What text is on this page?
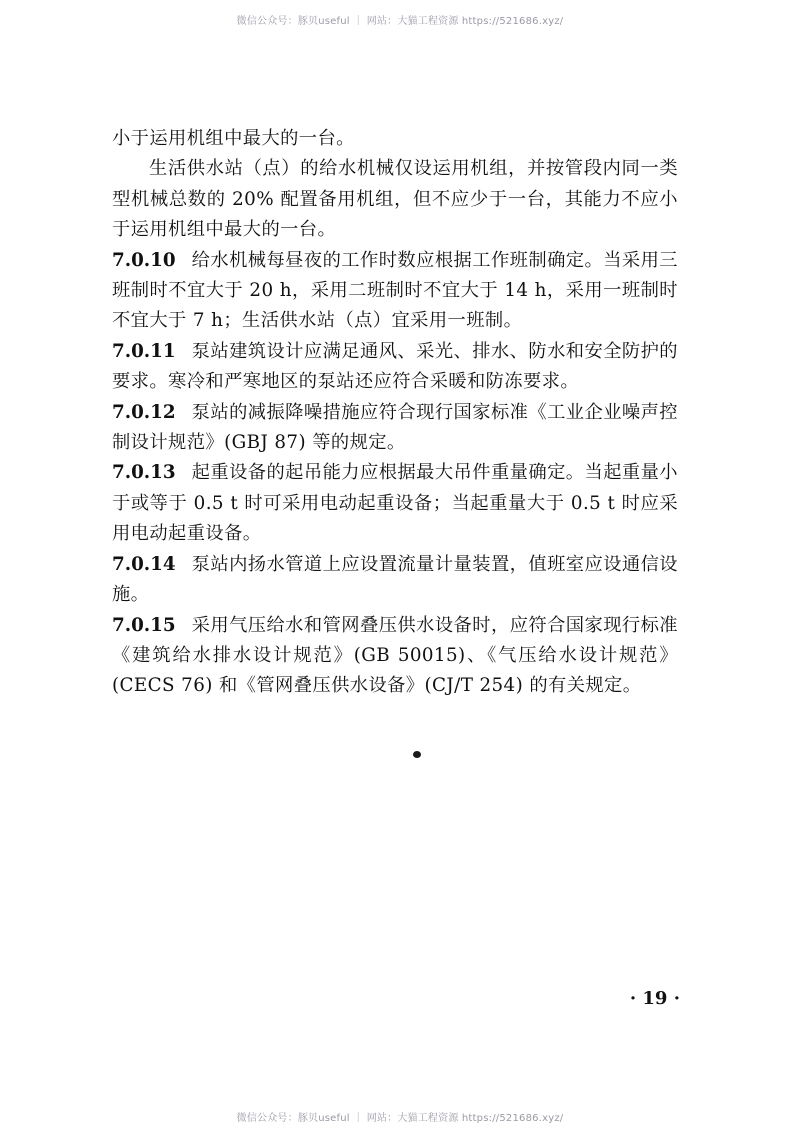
微信公众号：豚贝useful ｜ 网站：大猫工程资源 https://521686.xyz/

小于运用机组中最大的一台。

生活供水站（点）的给水机械仅设运用机组，并按管段内同一类型机械总数的 20% 配置备用机组，但不应少于一台，其能力不应小于运用机组中最大的一台。

7.0.10 给水机械每昼夜的工作时数应根据工作班制确定。当采用三班制时不宜大于 20 h，采用二班制时不宜大于 14 h，采用一班制时不宜大于 7 h；生活供水站（点）宜采用一班制。

7.0.11 泵站建筑设计应满足通风、采光、排水、防水和安全防护的要求。寒冷和严寒地区的泵站还应符合采暖和防冻要求。

7.0.12 泵站的减振降噪措施应符合现行国家标准《工业企业噪声控制设计规范》(GBJ 87) 等的规定。

7.0.13 起重设备的起吊能力应根据最大吊件重量确定。当起重量小于或等于 0.5 t 时可采用电动起重设备；当起重量大于 0.5 t 时应采用电动起重设备。

7.0.14 泵站内扬水管道上应设置流量计量装置，值班室应设通信设施。

7.0.15 采用气压给水和管网叠压供水设备时，应符合国家现行标准《建筑给水排水设计规范》(GB 50015)、《气压给水设计规范》(CECS 76) 和《管网叠压供水设备》(CJ/T 254) 的有关规定。

· 19 ·
微信公众号：豚贝useful ｜ 网站：大猫工程资源 https://521686.xyz/
